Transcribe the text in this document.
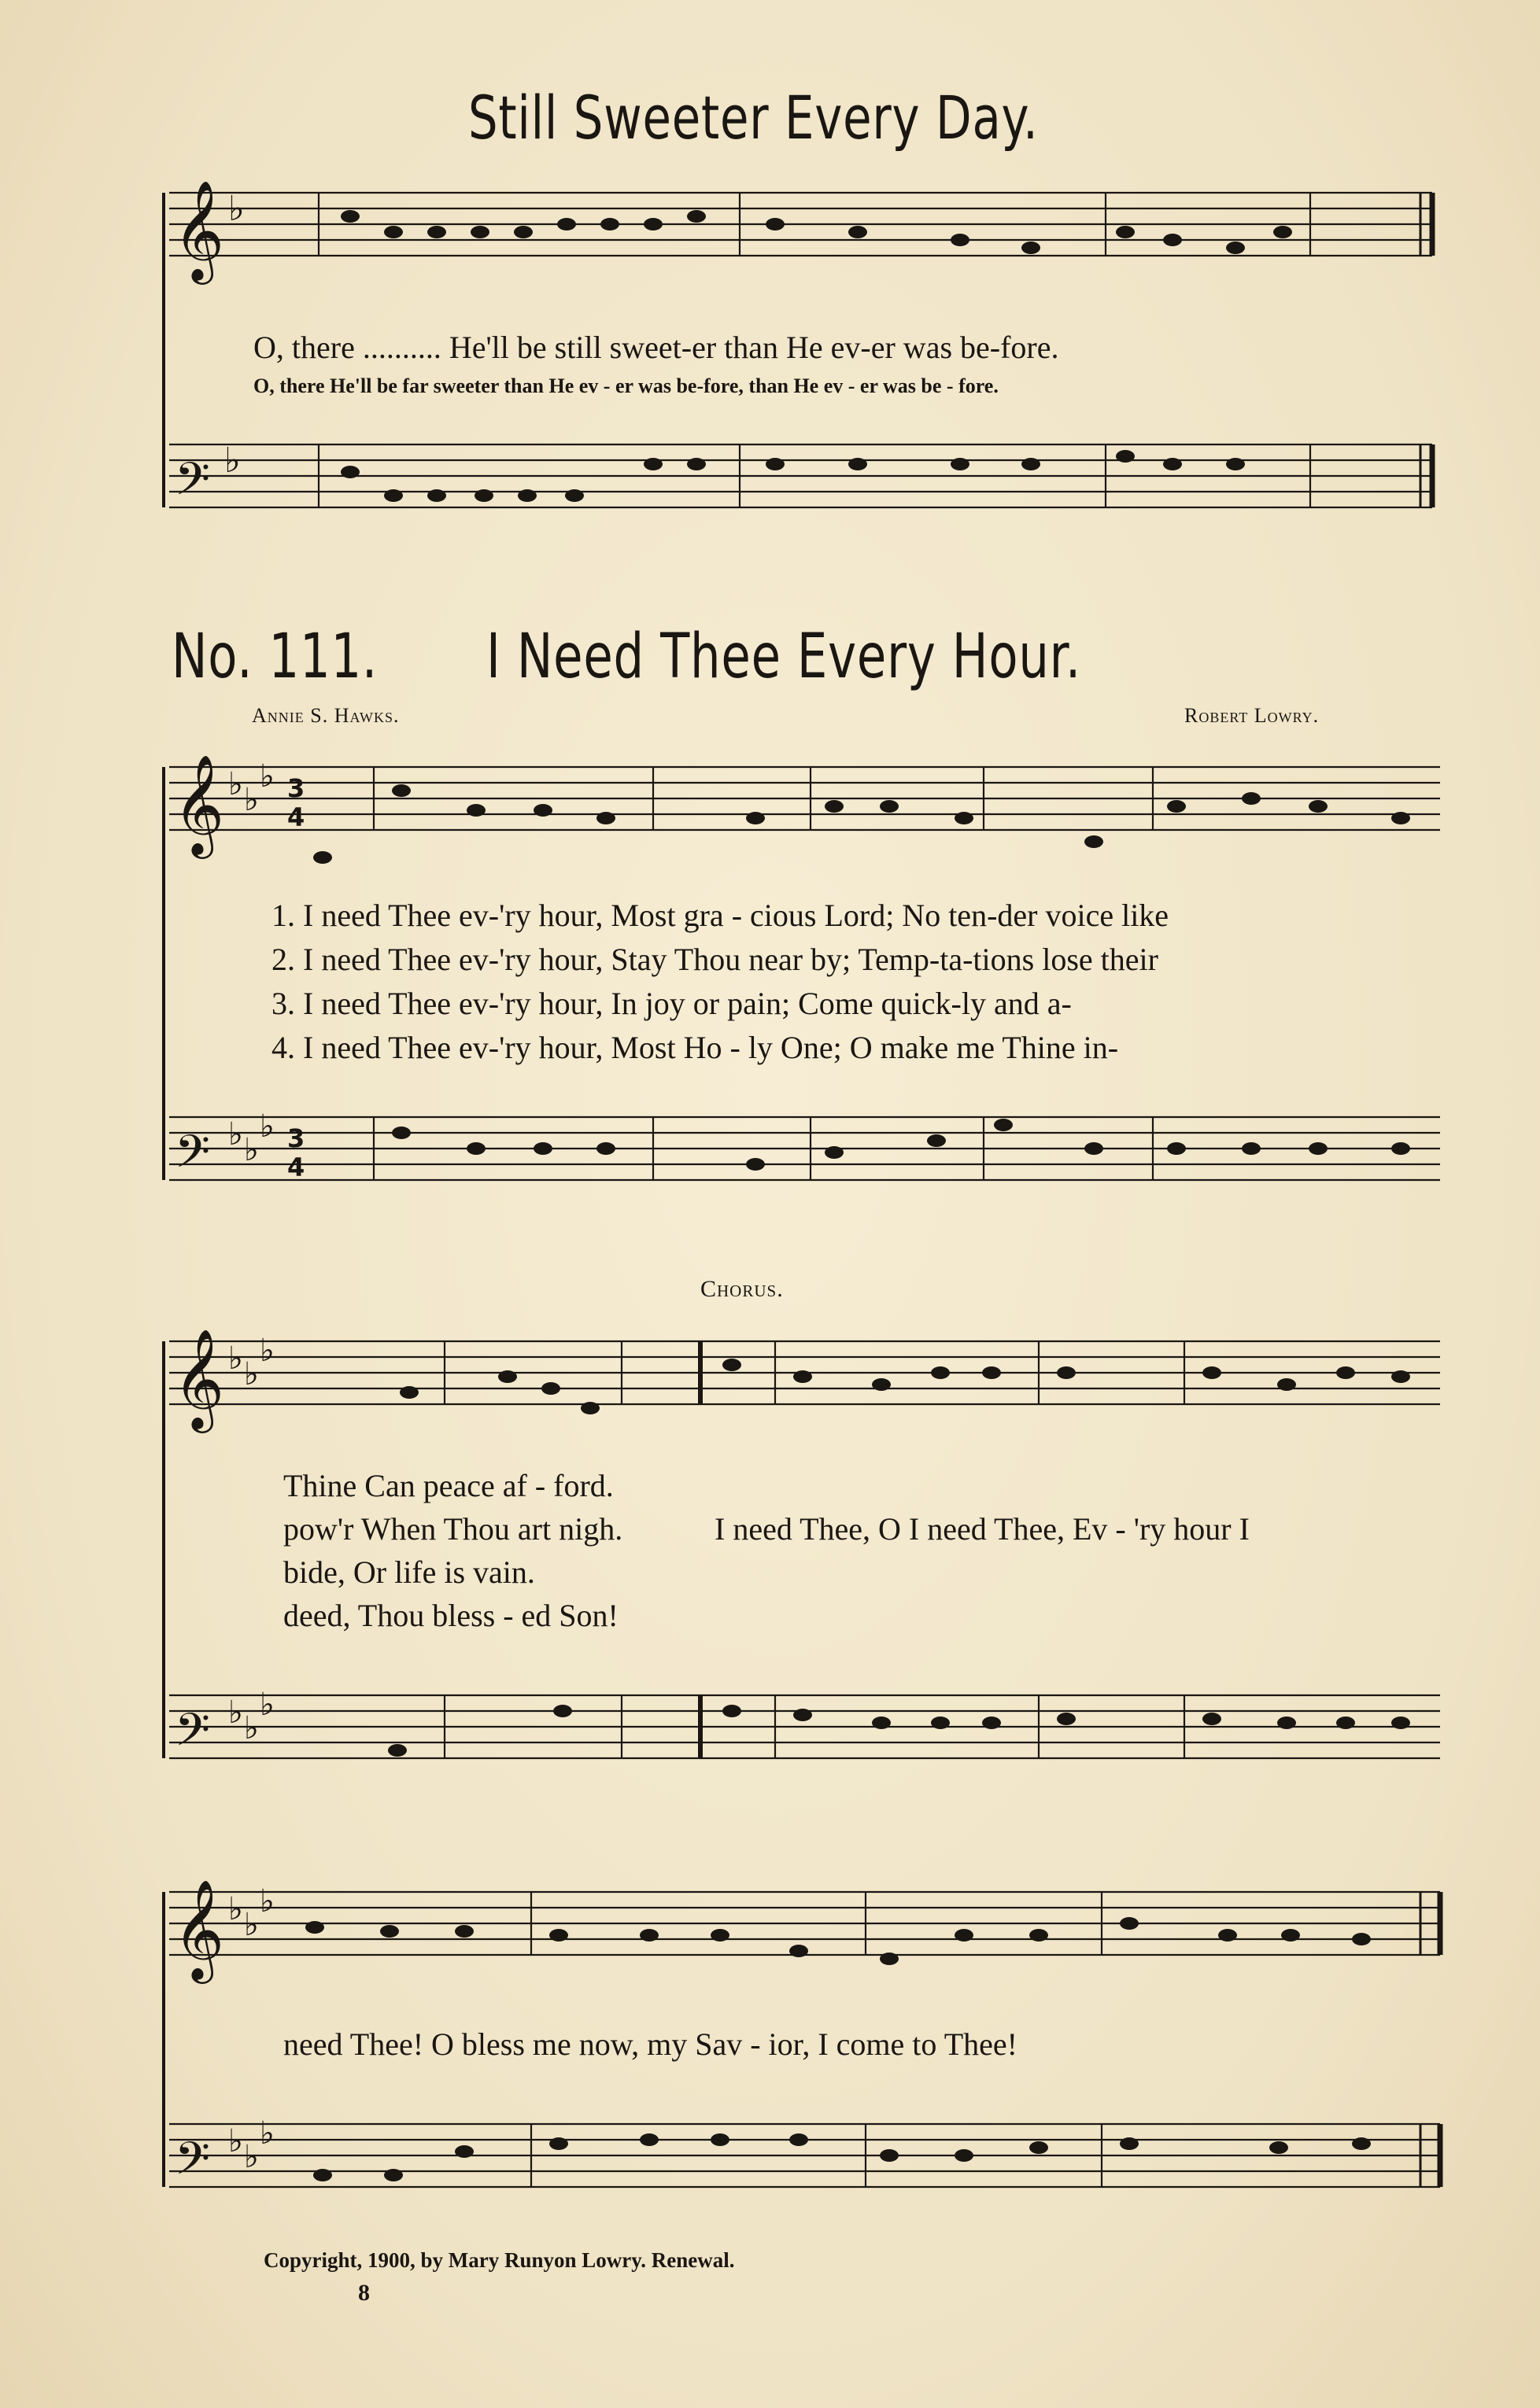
𝄞
𝄢
𝄞
𝄢
𝄞
𝄢
𝄞
𝄢
♭
♭
♭ ♭
♭
♭ ♭
♭
♭ ♭
♭
♭ ♭
♭
♭ ♭
♭
♭ ♭
♭
3
4
3
4
Still Sweeter Every Day.
O, there .......... He'll be still sweet-er than He ev-er was be-fore.
O, there He'll be far sweeter than He ev - er was be-fore, than He ev - er was be - fore.
No. 111. I Need Thee Every Hour.
Annie S. Hawks.	Robert Lowry.
1. I need Thee ev-'ry hour, Most gra - cious Lord; No ten-der voice like
2. I need Thee ev-'ry hour, Stay Thou near by; Temp-ta-tions lose their
3. I need Thee ev-'ry hour, In joy or pain; Come quick-ly and a-
4. I need Thee ev-'ry hour, Most Ho - ly One; O make me Thine in-
Chorus.
Thine Can peace af - ford.
pow'r When Thou art nigh.	I need Thee, O I need Thee, Ev - 'ry hour I
bide, Or life is vain.
deed, Thou bless - ed Son!
need Thee! O bless me now, my Sav - ior, I come to Thee!
Copyright, 1900, by Mary Runyon Lowry. Renewal.
8
